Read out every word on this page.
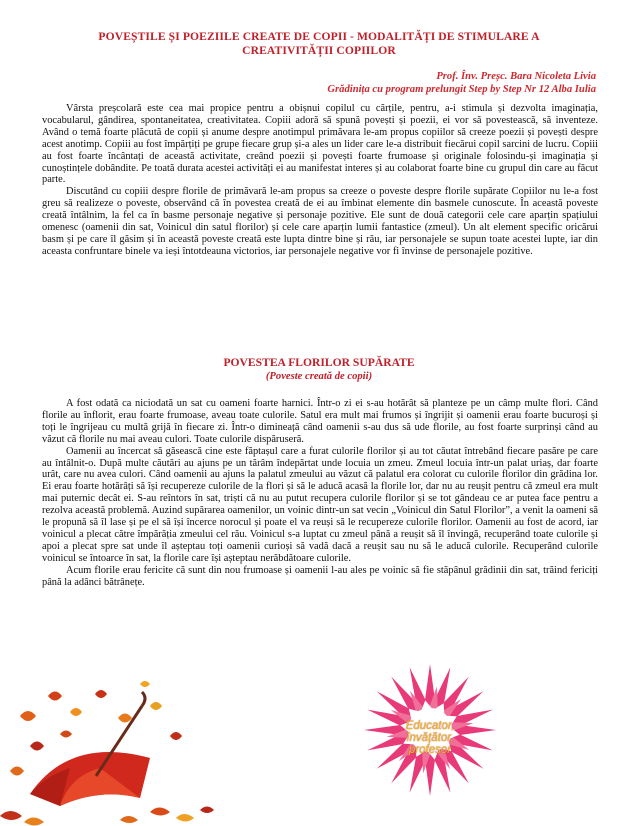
POVEȘTILE ȘI POEZIILE CREATE DE COPII - MODALITĂȚI DE STIMULARE A
CREATIVITĂȚII COPIILOR
Prof. Înv. Preșc. Bara Nicoleta Livia
Grădinița cu program prelungit Step by Step Nr 12 Alba Iulia

Vârsta preșcolară este cea mai propice pentru a obișnui copilul cu cărțile, pentru, a-i stimula și dezvolta imaginația, vocabularul, gândirea, spontaneitatea, creativitatea. Copiii adoră să spună povești și poezii, ei vor să povestească, să inventeze. Având o temă foarte plăcută de copii și anume despre anotimpul primăvara le-am propus copiilor să creeze poezii și povești despre acest anotimp. Copiii au fost împărțiți pe grupe fiecare grup și-a ales un lider care le-a distribuit fiecărui copil sarcini de lucru. Copiii au fost foarte încântați de această activitate, creând poezii și povești foarte frumoase și originale folosindu-și imaginația și cunoștințele dobândite. Pe toată durata acestei activități ei au manifestat interes și au colaborat foarte bine cu grupul din care au făcut parte.

Discutând cu copiii despre florile de primăvară le-am propus sa creeze o poveste despre florile supărate Copiilor nu le-a fost greu să realizeze o poveste, observând că în povestea creată de ei au îmbinat elemente din basmele cunoscute. În această poveste creată întâlnim, la fel ca în basme personaje negative și personaje pozitive. Ele sunt de două categorii cele care aparțin spațiului omenesc (oamenii din sat, Voinicul din satul florilor) și cele care aparțin lumii fantastice (zmeul). Un alt element specific oricărui basm și pe care îl găsim și în această poveste creată este lupta dintre bine și rău, iar personajele se supun toate acestei lupte, iar din aceasta confruntare binele va ieși întotdeauna victorios, iar personajele negative vor fi învinse de personajele pozitive.

POVESTEA FLORILOR SUPĂRATE
(Poveste creată de copii)

A fost odată ca niciodată un sat cu oameni foarte harnici. Într-o zi ei s-au hotărât să planteze pe un câmp multe flori. Când florile au înflorit, erau foarte frumoase, aveau toate culorile. Satul era mult mai frumos și îngrijit și oamenii erau foarte bucuroși și toți le îngrijeau cu multă grijă în fiecare zi. Într-o dimineață când oamenii s-au dus să ude florile, au fost foarte surprinși când au văzut că florile nu mai aveau culori. Toate culorile dispăruseră.

Oamenii au încercat să găsească cine este făptașul care a furat culorile florilor și au tot căutat întrebând fiecare pasăre pe care au întâlnit-o. După multe căutări au ajuns pe un tărâm îndepărtat unde locuia un zmeu. Zmeul locuia într-un palat uriaș, dar foarte urât, care nu avea culori. Când oamenii au ajuns la palatul zmeului au văzut că palatul era colorat cu culorile florilor din grădina lor. Ei erau foarte hotărâți să își recupereze culorile de la flori și să le aducă acasă la florile lor, dar nu au reușit pentru că zmeul era mult mai puternic decât ei. S-au reîntors în sat, triști că nu au putut recupera culorile florilor și se tot gândeau ce ar putea face pentru a rezolva această problemă. Auzind supărarea oamenilor, un voinic dintr-un sat vecin „Voinicul din Satul Florilor”, a venit la oameni să le propună să îl lase și pe el să își încerce norocul și poate el va reuși să le recupereze culorile florilor. Oamenii au fost de acord, iar voinicul a plecat către împărăția zmeului cel rău. Voinicul s-a luptat cu zmeul până a reușit să îl învingă, recuperând toate culorile și apoi a plecat spre sat unde îl așteptau toți oamenii curioși să vadă dacă a reușit sau nu să le aducă culorile. Recuperând culorile voinicul se întoarce în sat, la florile care își așteptau nerăbdătoare culorile.

Acum florile erau fericite că sunt din nou frumoase și oamenii l-au ales pe voinic să fie stăpânul grădinii din sat, trăind fericiți până la adânci bătrânețe.

Educator,
învățător,
profesor
